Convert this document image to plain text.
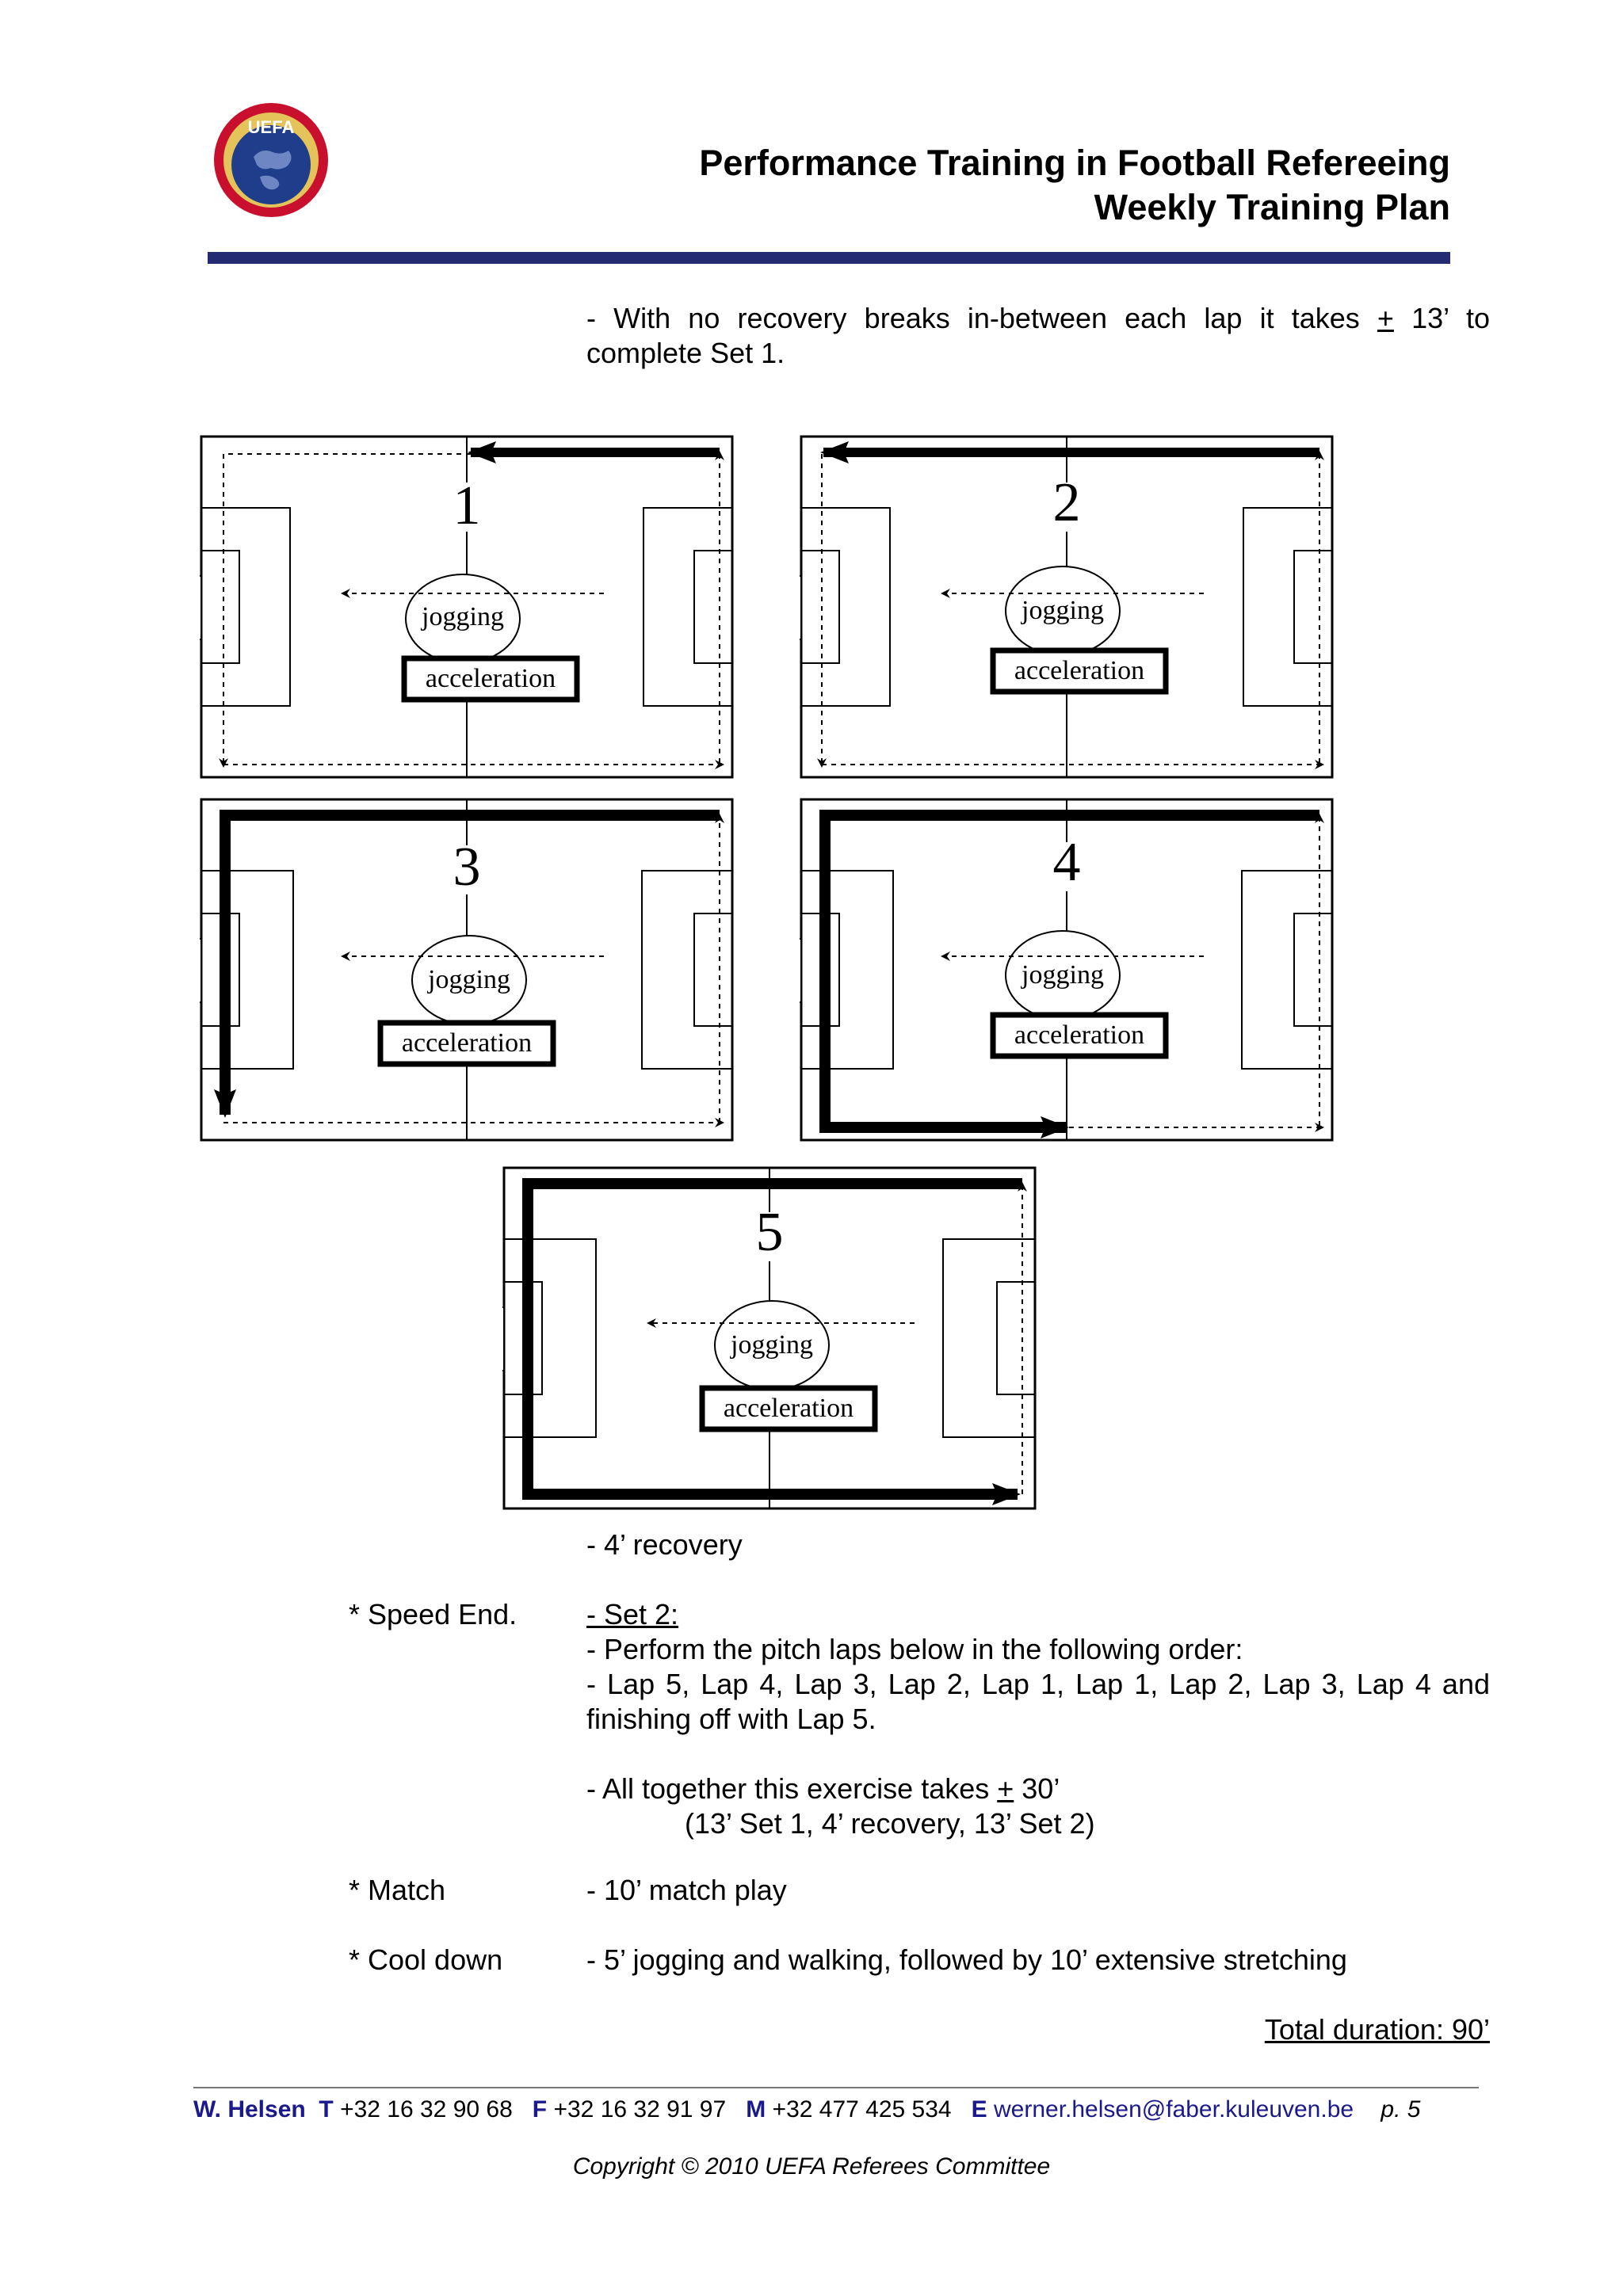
UEFA
Performance Training in Football Refereeing
Weekly Training Plan
- With no recovery breaks in-between each lap it takes + 13’ to complete Set 1.
acceleration
jogging
1
acceleration
jogging
2
acceleration
jogging
3
acceleration
jogging
4
acceleration
jogging
5
- 4’ recovery
* Speed End. - Set 2:
- Perform the pitch laps below in the following order:
- Lap 5, Lap 4, Lap 3, Lap 2, Lap 1, Lap 1, Lap 2, Lap 3, Lap 4 and finishing off with Lap 5.
- All together this exercise takes + 30’
(13’ Set 1, 4’ recovery, 13’ Set 2)
* Match	- 10’ match play
* Cool down	- 5’ jogging and walking, followed by 10’ extensive stretching
Total duration: 90’
W. Helsen T +32 16 32 90 68 F +32 16 32 91 97 M +32 477 425 534 E werner.helsen@faber.kuleuven.be p. 5
Copyright © 2010 UEFA Referees Committee
